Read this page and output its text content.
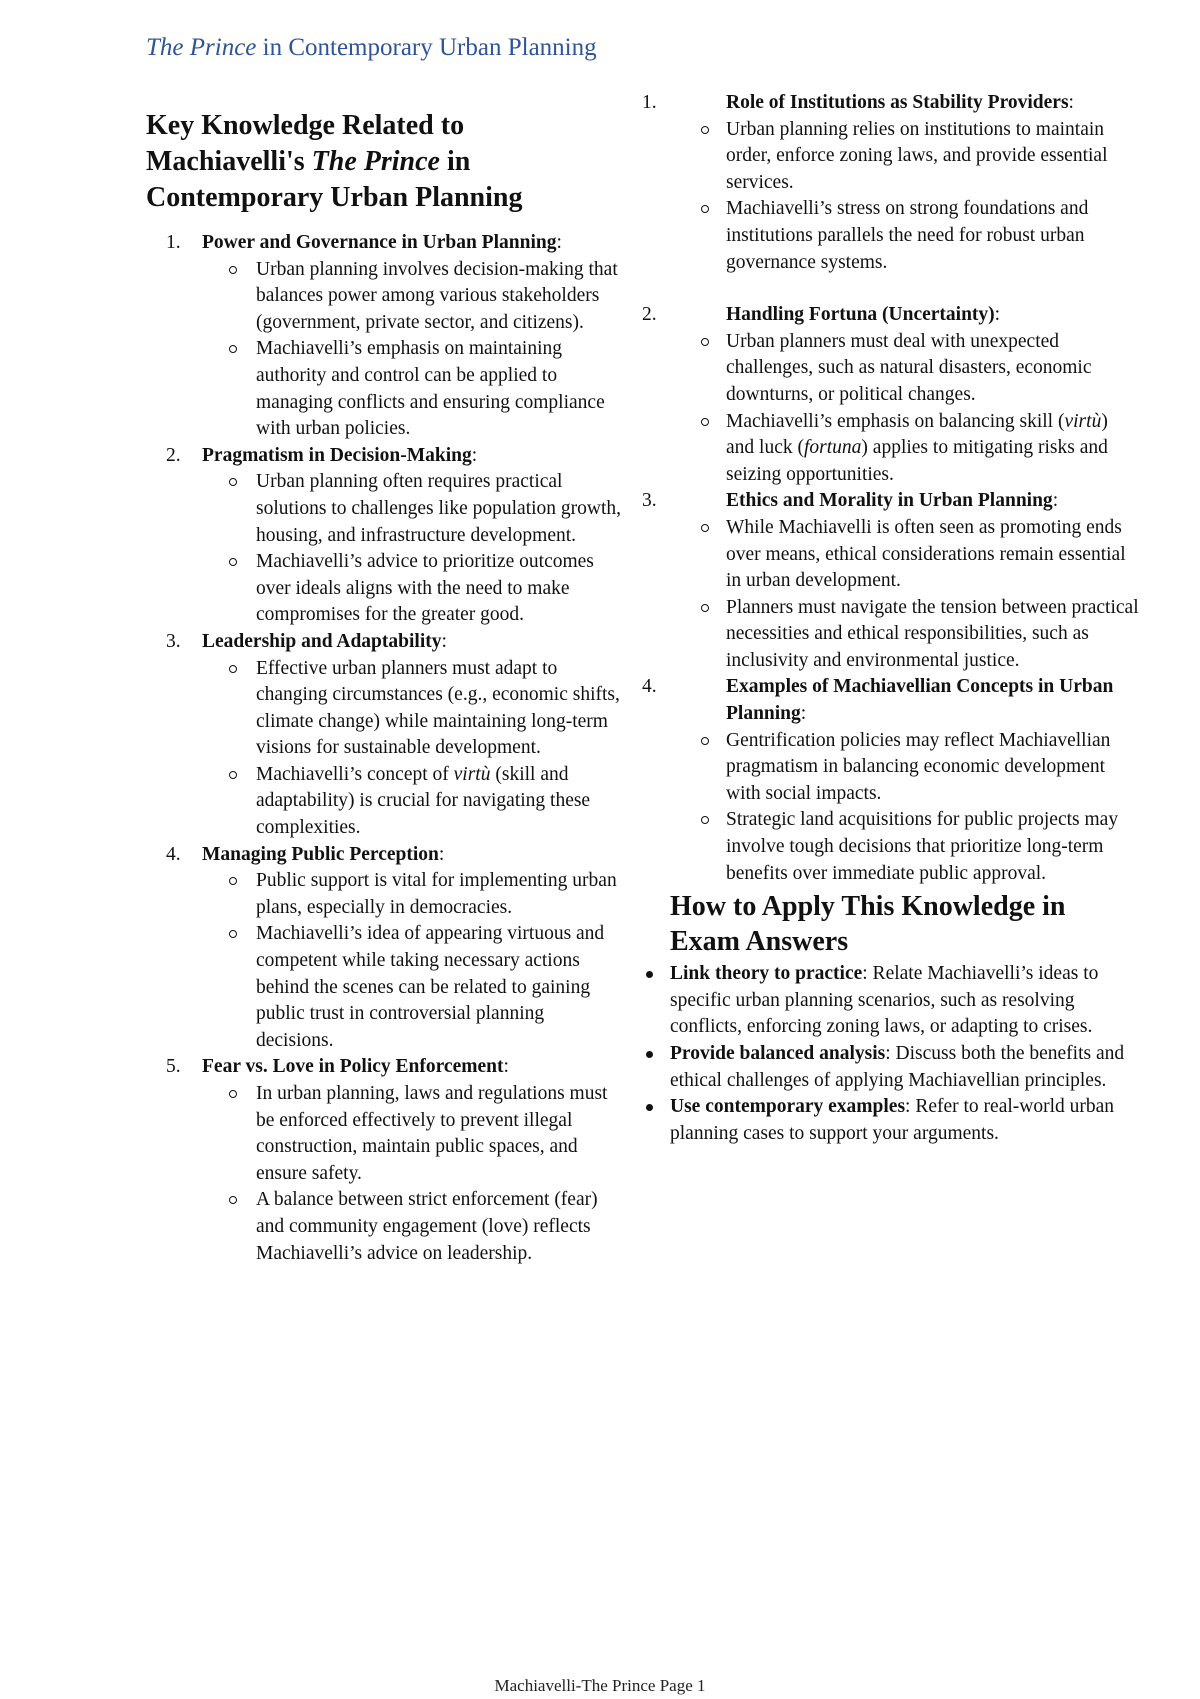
The Prince in Contemporary Urban Planning
Key Knowledge Related to Machiavelli's The Prince in Contemporary Urban Planning
1. Power and Governance in Urban Planning:
Urban planning involves decision-making that balances power among various stakeholders (government, private sector, and citizens).
Machiavelli’s emphasis on maintaining authority and control can be applied to managing conflicts and ensuring compliance with urban policies.
2. Pragmatism in Decision-Making:
Urban planning often requires practical solutions to challenges like population growth, housing, and infrastructure development.
Machiavelli’s advice to prioritize outcomes over ideals aligns with the need to make compromises for the greater good.
3. Leadership and Adaptability:
Effective urban planners must adapt to changing circumstances (e.g., economic shifts, climate change) while maintaining long-term visions for sustainable development.
Machiavelli’s concept of virtù (skill and adaptability) is crucial for navigating these complexities.
4. Managing Public Perception:
Public support is vital for implementing urban plans, especially in democracies.
Machiavelli’s idea of appearing virtuous and competent while taking necessary actions behind the scenes can be related to gaining public trust in controversial planning decisions.
5. Fear vs. Love in Policy Enforcement:
In urban planning, laws and regulations must be enforced effectively to prevent illegal construction, maintain public spaces, and ensure safety.
A balance between strict enforcement (fear) and community engagement (love) reflects Machiavelli’s advice on leadership.
1.	Role of Institutions as Stability Providers:
Urban planning relies on institutions to maintain order, enforce zoning laws, and provide essential services.
Machiavelli’s stress on strong foundations and institutions parallels the need for robust urban governance systems.
2.	Handling Fortuna (Uncertainty):
Urban planners must deal with unexpected challenges, such as natural disasters, economic downturns, or political changes.
Machiavelli’s emphasis on balancing skill (virtù) and luck (fortuna) applies to mitigating risks and seizing opportunities.
3.	Ethics and Morality in Urban Planning:
While Machiavelli is often seen as promoting ends over means, ethical considerations remain essential in urban development.
Planners must navigate the tension between practical necessities and ethical responsibilities, such as inclusivity and environmental justice.
4.	Examples of Machiavellian Concepts in Urban Planning:
Gentrification policies may reflect Machiavellian pragmatism in balancing economic development with social impacts.
Strategic land acquisitions for public projects may involve tough decisions that prioritize long-term benefits over immediate public approval.
How to Apply This Knowledge in Exam Answers
Link theory to practice: Relate Machiavelli’s ideas to specific urban planning scenarios, such as resolving conflicts, enforcing zoning laws, or adapting to crises.
Provide balanced analysis: Discuss both the benefits and ethical challenges of applying Machiavellian principles.
Use contemporary examples: Refer to real-world urban planning cases to support your arguments.
Machiavelli-The Prince Page 1
